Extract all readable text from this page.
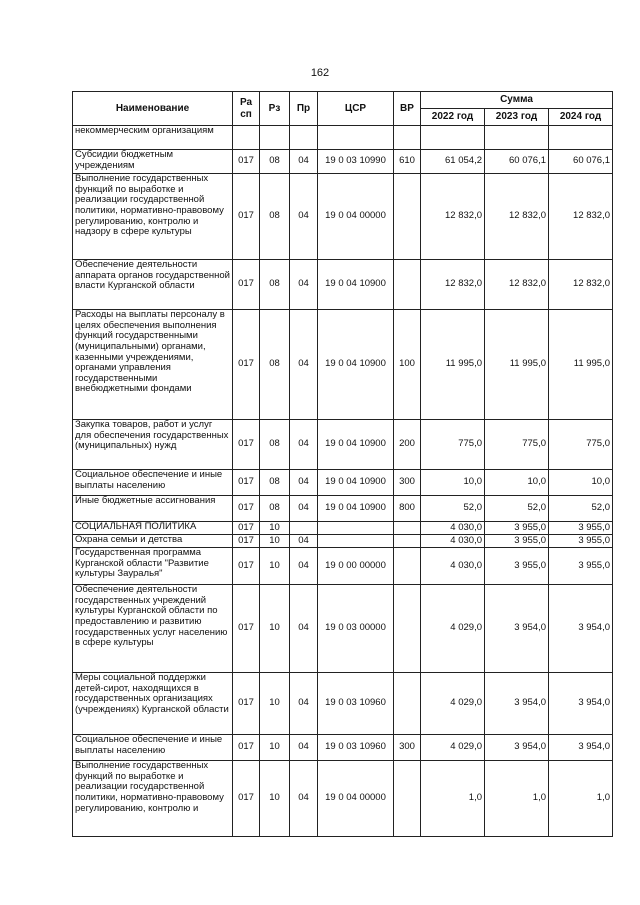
162
Наименование	Ра сп	Рз	Пр	ЦСР	ВР	Сумма		
						2022 год	2023 год	2024 год
некоммерческим организациям								
Субсидии бюджетным учреждениям	017	08	04	19 0 03 10990	610	61 054,2	60 076,1	60 076,1
Выполнение государственных функций по выработке и реализации государственной политики, нормативно-правовому регулированию, контролю и надзору в сфере культуры	017	08	04	19 0 04 00000		12 832,0	12 832,0	12 832,0
Обеспечение деятельности аппарата органов государственной власти Курганской области	017	08	04	19 0 04 10900		12 832,0	12 832,0	12 832,0
Расходы на выплаты персоналу в целях обеспечения выполнения функций государственными (муниципальными) органами, казенными учреждениями, органами управления государственными внебюджетными фондами	017	08	04	19 0 04 10900	100	11 995,0	11 995,0	11 995,0
Закупка товаров, работ и услуг для обеспечения государственных (муниципальных) нужд	017	08	04	19 0 04 10900	200	775,0	775,0	775,0
Социальное обеспечение и иные выплаты населению	017	08	04	19 0 04 10900	300	10,0	10,0	10,0
Иные бюджетные ассигнования	017	08	04	19 0 04 10900	800	52,0	52,0	52,0
СОЦИАЛЬНАЯ ПОЛИТИКА	017	10				4 030,0	3 955,0	3 955,0
Охрана семьи и детства	017	10	04			4 030,0	3 955,0	3 955,0
Государственная программа Курганской области "Развитие культуры Зауралья"	017	10	04	19 0 00 00000		4 030,0	3 955,0	3 955,0
Обеспечение деятельности государственных учреждений культуры Курганской области по предоставлению и развитию государственных услуг населению в сфере культуры	017	10	04	19 0 03 00000		4 029,0	3 954,0	3 954,0
Меры социальной поддержки детей-сирот, находящихся в государственных организациях (учреждениях) Курганской области	017	10	04	19 0 03 10960		4 029,0	3 954,0	3 954,0
Социальное обеспечение и иные выплаты населению	017	10	04	19 0 03 10960	300	4 029,0	3 954,0	3 954,0
Выполнение государственных функций по выработке и реализации государственной политики, нормативно-правовому регулированию, контролю и	017	10	04	19 0 04 00000		1,0	1,0	1,0
